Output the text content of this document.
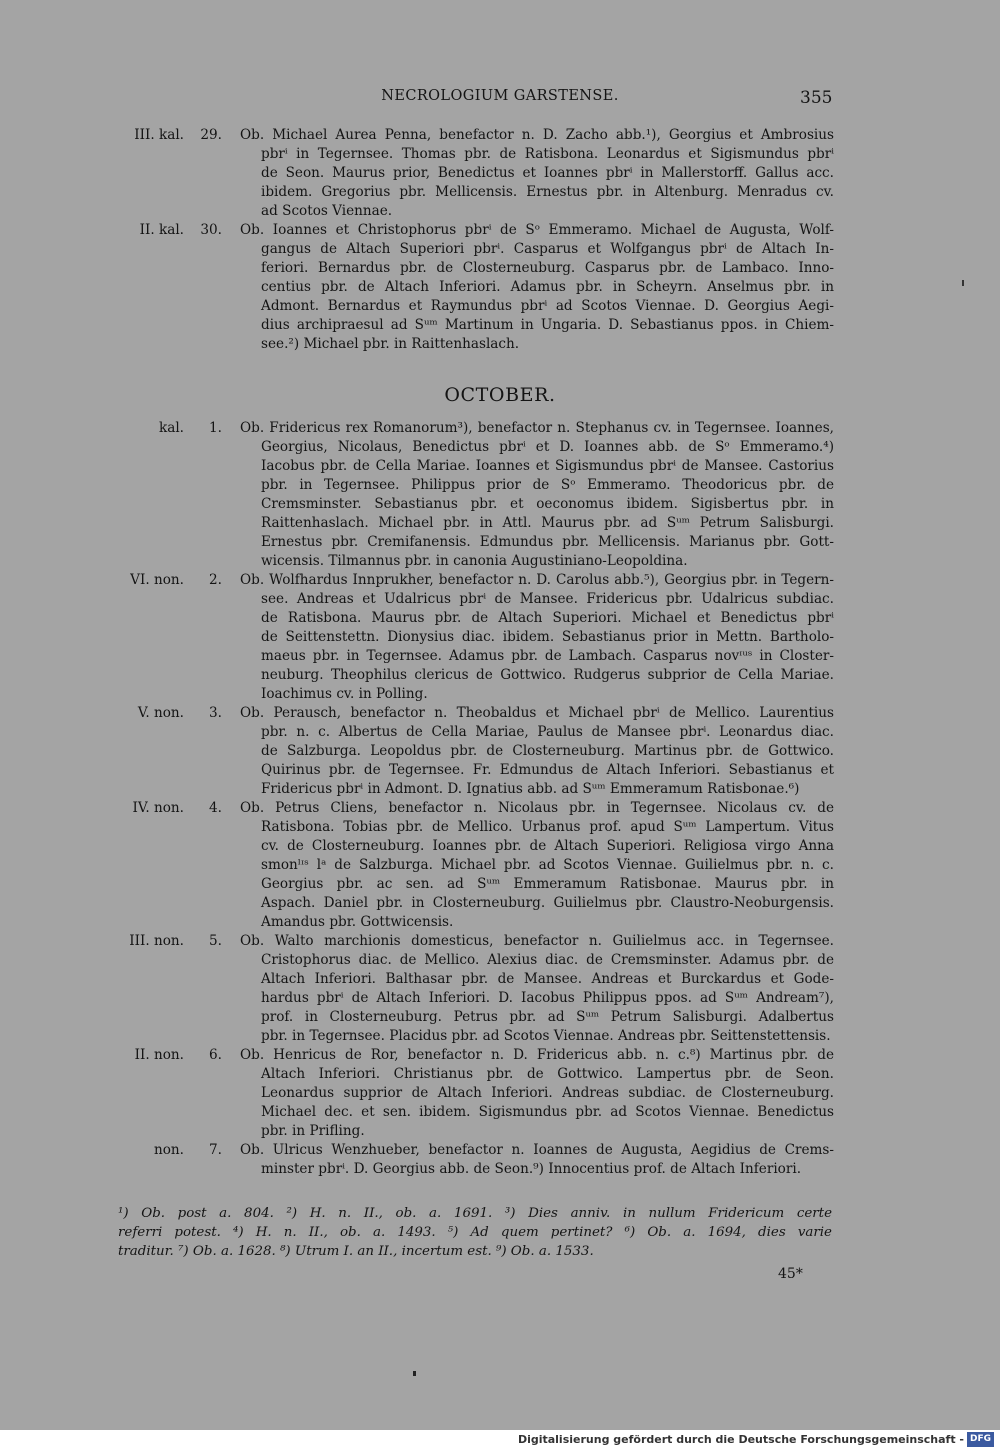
NECROLOGIUM GARSTENSE.	355
III. kal.	29. Ob. Michael Aurea Penna, benefactor n. D. Zacho abb.¹), Georgius et Ambrosius
pbrⁱ in Tegernsee. Thomas pbr. de Ratisbona. Leonardus et Sigismundus pbrⁱ
de Seon. Maurus prior, Benedictus et Ioannes pbrⁱ in Mallerstorff. Gallus acc.
ibidem. Gregorius pbr. Mellicensis. Ernestus pbr. in Altenburg. Menradus cv.
ad Scotos Viennae.
II. kal.	30. Ob. Ioannes et Christophorus pbrⁱ de Sᵒ Emmeramo. Michael de Augusta, Wolf-
gangus de Altach Superiori pbrⁱ. Casparus et Wolfgangus pbrⁱ de Altach In-
feriori. Bernardus pbr. de Closterneuburg. Casparus pbr. de Lambaco. Inno-
centius pbr. de Altach Inferiori. Adamus pbr. in Scheyrn. Anselmus pbr. in
Admont. Bernardus et Raymundus pbrⁱ ad Scotos Viennae. D. Georgius Aegi-
dius archipraesul ad Sᵘᵐ Martinum in Ungaria. D. Sebastianus ppos. in Chiem-
see.²) Michael pbr. in Raittenhaslach.
OCTOBER.
kal.	1. Ob. Fridericus rex Romanorum³), benefactor n. Stephanus cv. in Tegernsee. Ioannes,
Georgius, Nicolaus, Benedictus pbrⁱ et D. Ioannes abb. de Sᵒ Emmeramo.⁴)
Iacobus pbr. de Cella Mariae. Ioannes et Sigismundus pbrⁱ de Mansee. Castorius
pbr. in Tegernsee. Philippus prior de Sᵒ Emmeramo. Theodoricus pbr. de
Cremsminster. Sebastianus pbr. et oeconomus ibidem. Sigisbertus pbr. in
Raittenhaslach. Michael pbr. in Attl. Maurus pbr. ad Sᵘᵐ Petrum Salisburgi.
Ernestus pbr. Cremifanensis. Edmundus pbr. Mellicensis. Marianus pbr. Gott-
wicensis. Tilmannus pbr. in canonia Augustiniano-Leopoldina.
VI. non.	2. Ob. Wolfhardus Innprukher, benefactor n. D. Carolus abb.⁵), Georgius pbr. in Tegern-
see. Andreas et Udalricus pbrⁱ de Mansee. Fridericus pbr. Udalricus subdiac.
de Ratisbona. Maurus pbr. de Altach Superiori. Michael et Benedictus pbrⁱ
de Seittenstettn. Dionysius diac. ibidem. Sebastianus prior in Mettn. Bartholo-
maeus pbr. in Tegernsee. Adamus pbr. de Lambach. Casparus novᶦᵘˢ in Closter-
neuburg. Theophilus clericus de Gottwico. Rudgerus subprior de Cella Mariae.
Ioachimus cv. in Polling.
V. non.	3. Ob. Perausch, benefactor n. Theobaldus et Michael pbrⁱ de Mellico. Laurentius
pbr. n. c. Albertus de Cella Mariae, Paulus de Mansee pbrⁱ. Leonardus diac.
de Salzburga. Leopoldus pbr. de Closterneuburg. Martinus pbr. de Gottwico.
Quirinus pbr. de Tegernsee. Fr. Edmundus de Altach Inferiori. Sebastianus et
Fridericus pbrⁱ in Admont. D. Ignatius abb. ad Sᵘᵐ Emmeramum Ratisbonae.⁶)
IV. non.	4. Ob. Petrus Cliens, benefactor n. Nicolaus pbr. in Tegernsee. Nicolaus cv. de
Ratisbona. Tobias pbr. de Mellico. Urbanus prof. apud Sᵘᵐ Lampertum. Vitus
cv. de Closterneuburg. Ioannes pbr. de Altach Superiori. Religiosa virgo Anna
smonˡᶦˢ lᵃ de Salzburga. Michael pbr. ad Scotos Viennae. Guilielmus pbr. n. c.
Georgius pbr. ac sen. ad Sᵘᵐ Emmeramum Ratisbonae. Maurus pbr. in
Aspach. Daniel pbr. in Closterneuburg. Guilielmus pbr. Claustro-Neoburgensis.
Amandus pbr. Gottwicensis.
III. non.	5. Ob. Walto marchionis domesticus, benefactor n. Guilielmus acc. in Tegernsee.
Cristophorus diac. de Mellico. Alexius diac. de Cremsminster. Adamus pbr. de
Altach Inferiori. Balthasar pbr. de Mansee. Andreas et Burckardus et Gode-
hardus pbrⁱ de Altach Inferiori. D. Iacobus Philippus ppos. ad Sᵘᵐ Andream⁷),
prof. in Closterneuburg. Petrus pbr. ad Sᵘᵐ Petrum Salisburgi. Adalbertus
pbr. in Tegernsee. Placidus pbr. ad Scotos Viennae. Andreas pbr. Seittenstettensis.
II. non.	6. Ob. Henricus de Ror, benefactor n. D. Fridericus abb. n. c.⁸) Martinus pbr. de
Altach Inferiori. Christianus pbr. de Gottwico. Lampertus pbr. de Seon.
Leonardus supprior de Altach Inferiori. Andreas subdiac. de Closterneuburg.
Michael dec. et sen. ibidem. Sigismundus pbr. ad Scotos Viennae. Benedictus
pbr. in Prifling.
non.	7. Ob. Ulricus Wenzhueber, benefactor n. Ioannes de Augusta, Aegidius de Crems-
minster pbrⁱ. D. Georgius abb. de Seon.⁹) Innocentius prof. de Altach Inferiori.
¹) Ob. post a. 804. ²) H. n. II., ob. a. 1691. ³) Dies anniv. in nullum Fridericum certe
referri potest. ⁴) H. n. II., ob. a. 1493. ⁵) Ad quem pertinet? ⁶) Ob. a. 1694, dies varie
traditur. ⁷) Ob. a. 1628. ⁸) Utrum I. an II., incertum est. ⁹) Ob. a. 1533.
45*
Digitalisierung gefördert durch die Deutsche Forschungsgemeinschaft - DFG
